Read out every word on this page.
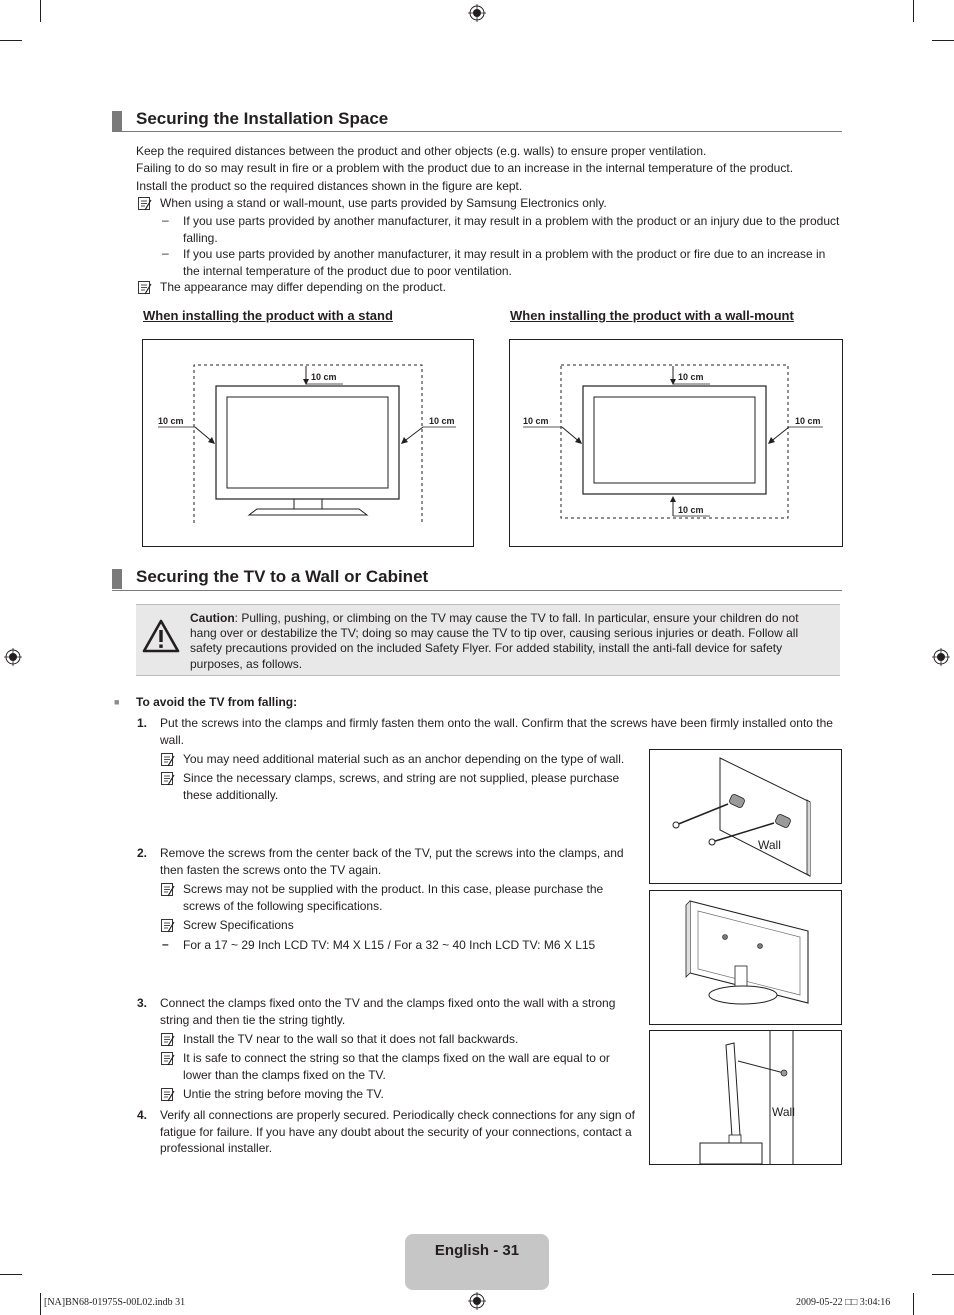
Securing the Installation Space
Keep the required distances between the product and other objects (e.g. walls) to ensure proper ventilation.
Failing to do so may result in fire or a problem with the product due to an increase in the internal temperature of the product.
Install the product so the required distances shown in the figure are kept.
When using a stand or wall-mount, use parts provided by Samsung Electronics only.
– If you use parts provided by another manufacturer, it may result in a problem with the product or an injury due to the product falling.
– If you use parts provided by another manufacturer, it may result in a problem with the product or fire due to an increase in the internal temperature of the product due to poor ventilation.
The appearance may differ depending on the product.
When installing the product with a stand	When installing the product with a wall-mount
10 cm
10 cm	10 cm
10 cm
10 cm
10 cm	10 cm
Securing the TV to a Wall or Cabinet
Caution: Pulling, pushing, or climbing on the TV may cause the TV to fall. In particular, ensure your children do not hang over or destabilize the TV; doing so may cause the TV to tip over, causing serious injuries or death. Follow all safety precautions provided on the included Safety Flyer. For added stability, install the anti-fall device for safety purposes, as follows.
■ To avoid the TV from falling:
1. Put the screws into the clamps and firmly fasten them onto the wall. Confirm that the screws have been firmly installed onto the wall.
You may need additional material such as an anchor depending on the type of wall.
Since the necessary clamps, screws, and string are not supplied, please purchase these additionally.
2. Remove the screws from the center back of the TV, put the screws into the clamps, and then fasten the screws onto the TV again.
Screws may not be supplied with the product. In this case, please purchase the screws of the following specifications.
Screw Specifications
– For a 17 ~ 29 Inch LCD TV: M4 X L15 / For a 32 ~ 40 Inch LCD TV: M6 X L15
3. Connect the clamps fixed onto the TV and the clamps fixed onto the wall with a strong string and then tie the string tightly.
Install the TV near to the wall so that it does not fall backwards.
It is safe to connect the string so that the clamps fixed on the wall are equal to or lower than the clamps fixed on the TV.
Untie the string before moving the TV.
4. Verify all connections are properly secured. Periodically check connections for any sign of fatigue for failure. If you have any doubt about the security of your connections, contact a professional installer.
Wall
Wall
English - 31
[NA]BN68-01975S-00L02.indb 31	2009-05-22 □□ 3:04:16
